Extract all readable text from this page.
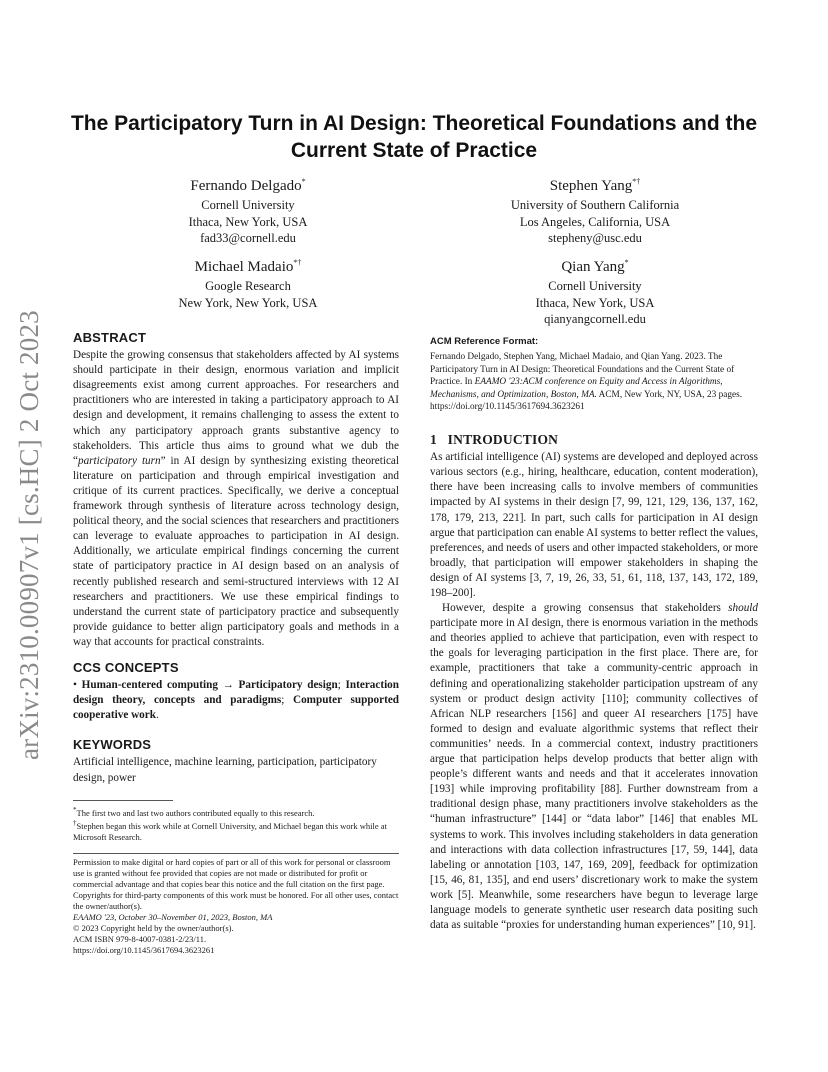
arXiv:2310.00907v1 [cs.HC] 2 Oct 2023
The Participatory Turn in AI Design: Theoretical Foundations and the Current State of Practice
Fernando Delgado*
Cornell University
Ithaca, New York, USA
fad33@cornell.edu
Stephen Yang*†
University of Southern California
Los Angeles, California, USA
stepheny@usc.edu
Michael Madaio*†
Google Research
New York, New York, USA
Qian Yang*
Cornell University
Ithaca, New York, USA
qianyangcornell.edu
ABSTRACT

Despite the growing consensus that stakeholders affected by AI systems should participate in their design, enormous variation and implicit disagreements exist among current approaches. For researchers and practitioners who are interested in taking a participatory approach to AI design and development, it remains challenging to assess the extent to which any participatory approach grants substantive agency to stakeholders. This article thus aims to ground what we dub the “participatory turn” in AI design by synthesizing existing theoretical literature on participation and through empirical investigation and critique of its current practices. Specifically, we derive a conceptual framework through synthesis of literature across technology design, political theory, and the social sciences that researchers and practitioners can leverage to evaluate approaches to participation in AI design. Additionally, we articulate empirical findings concerning the current state of participatory practice in AI design based on an analysis of recently published research and semi-structured interviews with 12 AI researchers and practitioners. We use these empirical findings to understand the current state of participatory practice and subsequently provide guidance to better align participatory goals and methods in a way that accounts for practical constraints.

CCS CONCEPTS

• Human-centered computing → Participatory design; Interaction design theory, concepts and paradigms; Computer supported cooperative work.

KEYWORDS

Artificial intelligence, machine learning, participation, participatory design, power

*The first two and last two authors contributed equally to this research.

†Stephen began this work while at Cornell University, and Michael began this work while at Microsoft Research.

Permission to make digital or hard copies of part or all of this work for personal or classroom use is granted without fee provided that copies are not made or distributed for profit or commercial advantage and that copies bear this notice and the full citation on the first page. Copyrights for third-party components of this work must be honored. For all other uses, contact the owner/author(s).

EAAMO '23, October 30–November 01, 2023, Boston, MA

© 2023 Copyright held by the owner/author(s).

ACM ISBN 979-8-4007-0381-2/23/11.

https://doi.org/10.1145/3617694.3623261

ACM Reference Format:

Fernando Delgado, Stephen Yang, Michael Madaio, and Qian Yang. 2023. The Participatory Turn in AI Design: Theoretical Foundations and the Current State of Practice. In EAAMO '23:ACM conference on Equity and Access in Algorithms, Mechanisms, and Optimization, Boston, MA. ACM, New York, NY, USA, 23 pages. https://doi.org/10.1145/3617694.3623261

1   INTRODUCTION

As artificial intelligence (AI) systems are developed and deployed across various sectors (e.g., hiring, healthcare, education, content moderation), there have been increasing calls to involve members of communities impacted by AI systems in their design [7, 99, 121, 129, 136, 137, 162, 178, 179, 213, 221]. In part, such calls for participation in AI design argue that participation can enable AI systems to better reflect the values, preferences, and needs of users and other impacted stakeholders, or more broadly, that participation will empower stakeholders in shaping the design of AI systems [3, 7, 19, 26, 33, 51, 61, 118, 137, 143, 172, 189, 198–200].

However, despite a growing consensus that stakeholders should participate more in AI design, there is enormous variation in the methods and theories applied to achieve that participation, even with respect to the goals for leveraging participation in the first place. There are, for example, practitioners that take a community-centric approach in defining and operationalizing stakeholder participation upstream of any system or product design activity [110]; community collectives of African NLP researchers [156] and queer AI researchers [175] have formed to design and evaluate algorithmic systems that reflect their communities’ needs. In a commercial context, industry practitioners argue that participation helps develop products that better align with people’s different wants and needs and that it accelerates innovation [193] while improving profitability [88]. Further downstream from a traditional design phase, many practitioners involve stakeholders as the “human infrastructure” [144] or “data labor” [146] that enables ML systems to work. This involves including stakeholders in data generation and interactions with data collection infrastructures [17, 59, 144], data labeling or annotation [103, 147, 169, 209], feedback for optimization [15, 46, 81, 135], and end users’ discretionary work to make the system work [5]. Meanwhile, some researchers have begun to leverage large language models to generate synthetic user research data positing such data as suitable “proxies for understanding human experiences” [10, 91].
